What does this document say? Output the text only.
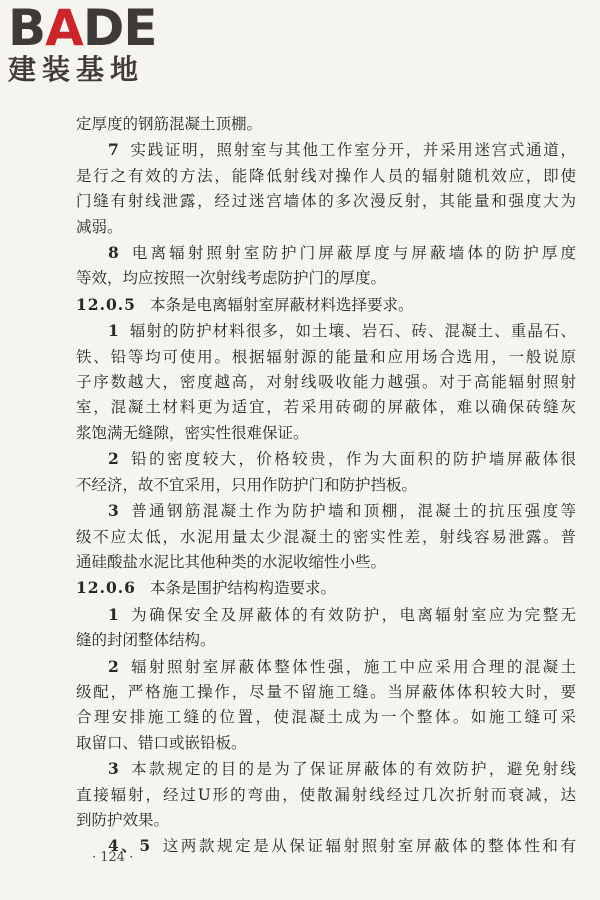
BADE
建装基地
定厚度的钢筋混凝土顶棚。
7 实践证明，照射室与其他工作室分开，并采用迷宫式通道，
是行之有效的方法，能降低射线对操作人员的辐射随机效应，即使
门缝有射线泄露，经过迷宫墙体的多次漫反射，其能量和强度大为
减弱。
8 电离辐射照射室防护门屏蔽厚度与屏蔽墙体的防护厚度
等效，均应按照一次射线考虑防护门的厚度。
12.0.5 本条是电离辐射室屏蔽材料选择要求。
1 辐射的防护材料很多，如土壤、岩石、砖、混凝土、重晶石、
铁、铅等均可使用。根据辐射源的能量和应用场合选用，一般说原
子序数越大，密度越高，对射线吸收能力越强。对于高能辐射照射
室，混凝土材料更为适宜，若采用砖砌的屏蔽体，难以确保砖缝灰
浆饱满无缝隙，密实性很难保证。
2 铅的密度较大，价格较贵，作为大面积的防护墙屏蔽体很
不经济，故不宜采用，只用作防护门和防护挡板。
3 普通钢筋混凝土作为防护墙和顶棚，混凝土的抗压强度等
级不应太低，水泥用量太少混凝土的密实性差，射线容易泄露。普
通硅酸盐水泥比其他种类的水泥收缩性小些。
12.0.6 本条是围护结构构造要求。
1 为确保安全及屏蔽体的有效防护，电离辐射室应为完整无
缝的封闭整体结构。
2 辐射照射室屏蔽体整体性强，施工中应采用合理的混凝土
级配，严格施工操作，尽量不留施工缝。当屏蔽体体积较大时，要
合理安排施工缝的位置，使混凝土成为一个整体。如施工缝可采
取留口、错口或嵌铅板。
3 本款规定的目的是为了保证屏蔽体的有效防护，避免射线
直接辐射，经过U形的弯曲，使散漏射线经过几次折射而衰减，达
到防护效果。
4、5 这两款规定是从保证辐射照射室屏蔽体的整体性和有
· 124 ·
